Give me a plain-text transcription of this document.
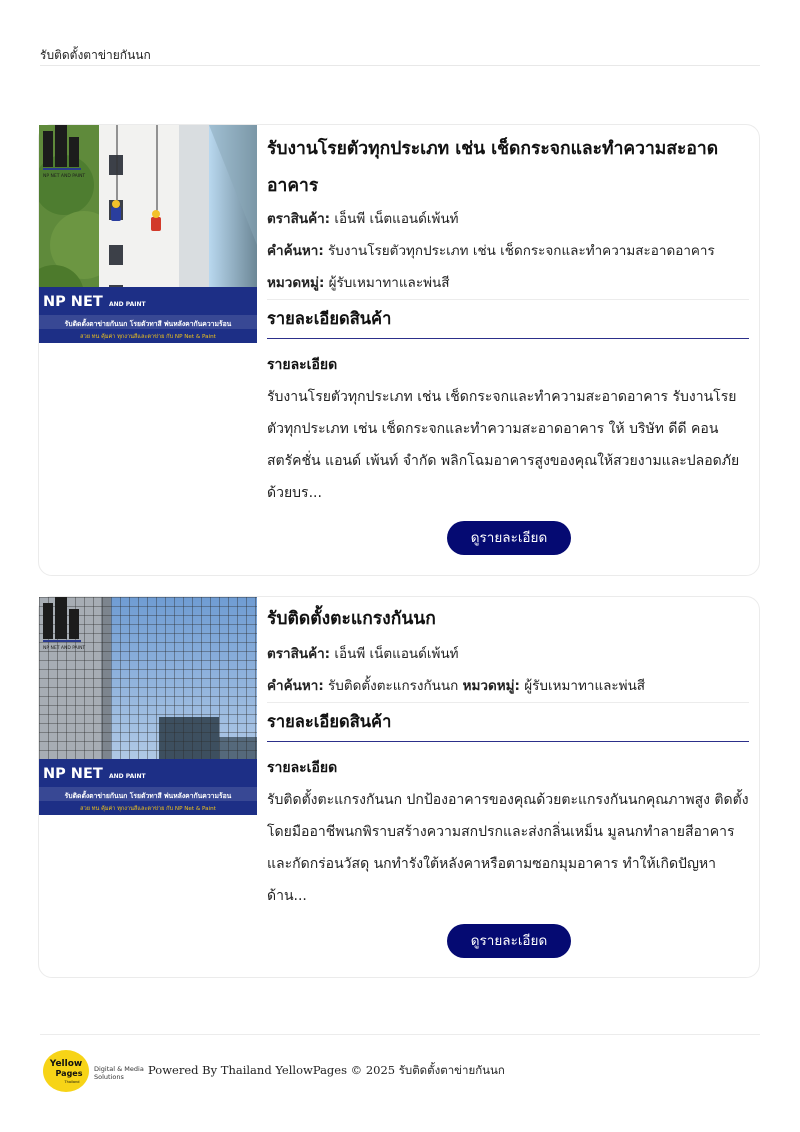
รับติดตั้งตาข่ายกันนก
NP NET AND PAINT
NP NET AND PAINT
รับติดตั้งตาข่ายกันนก โรยตัวทาสี พ่นหลังคากันความร้อน
สวย ทน คุ้มค่า ทุกงานสีและตาข่าย กับ NP Net & Paint
รับงานโรยตัวทุกประเภท เช่น เช็ดกระจกและทำความสะอาดอาคาร
ตราสินค้า: เอ็นพี เน็ตแอนด์เพ้นท์
คำค้นหา: รับงานโรยตัวทุกประเภท เช่น เช็ดกระจกและทำความสะอาดอาคาร
หมวดหมู่: ผู้รับเหมาทาและพ่นสี
รายละเอียดสินค้า
รายละเอียด
รับงานโรยตัวทุกประเภท เช่น เช็ดกระจกและทำความสะอาดอาคาร รับงานโรยตัวทุกประเภท เช่น เช็ดกระจกและทำความสะอาดอาคาร ให้ บริษัท ดีดี คอนสตรัคชั่น แอนด์ เพ้นท์ จำกัด พลิกโฉมอาคารสูงของคุณให้สวยงามและปลอดภัยด้วยบร...
ดูรายละเอียด
NP NET AND PAINT
NP NET AND PAINT
รับติดตั้งตาข่ายกันนก โรยตัวทาสี พ่นหลังคากันความร้อน
สวย ทน คุ้มค่า ทุกงานสีและตาข่าย กับ NP Net & Paint
รับติดตั้งตะแกรงกันนก
ตราสินค้า: เอ็นพี เน็ตแอนด์เพ้นท์
คำค้นหา: รับติดตั้งตะแกรงกันนก หมวดหมู่: ผู้รับเหมาทาและพ่นสี
รายละเอียดสินค้า
รายละเอียด
รับติดตั้งตะแกรงกันนก ปกป้องอาคารของคุณด้วยตะแกรงกันนกคุณภาพสูง ติดตั้งโดยมืออาชีพนกพิราบสร้างความสกปรกและส่งกลิ่นเหม็น มูลนกทำลายสีอาคารและกัดกร่อนวัสดุ นกทำรังใต้หลังคาหรือตามซอกมุมอาคาร ทำให้เกิดปัญหาด้าน...
ดูรายละเอียด
Yellow
Pages
Thailand
Digital & Media
Solutions	Powered By Thailand YellowPages © 2025 รับติดตั้งตาข่ายกันนก
